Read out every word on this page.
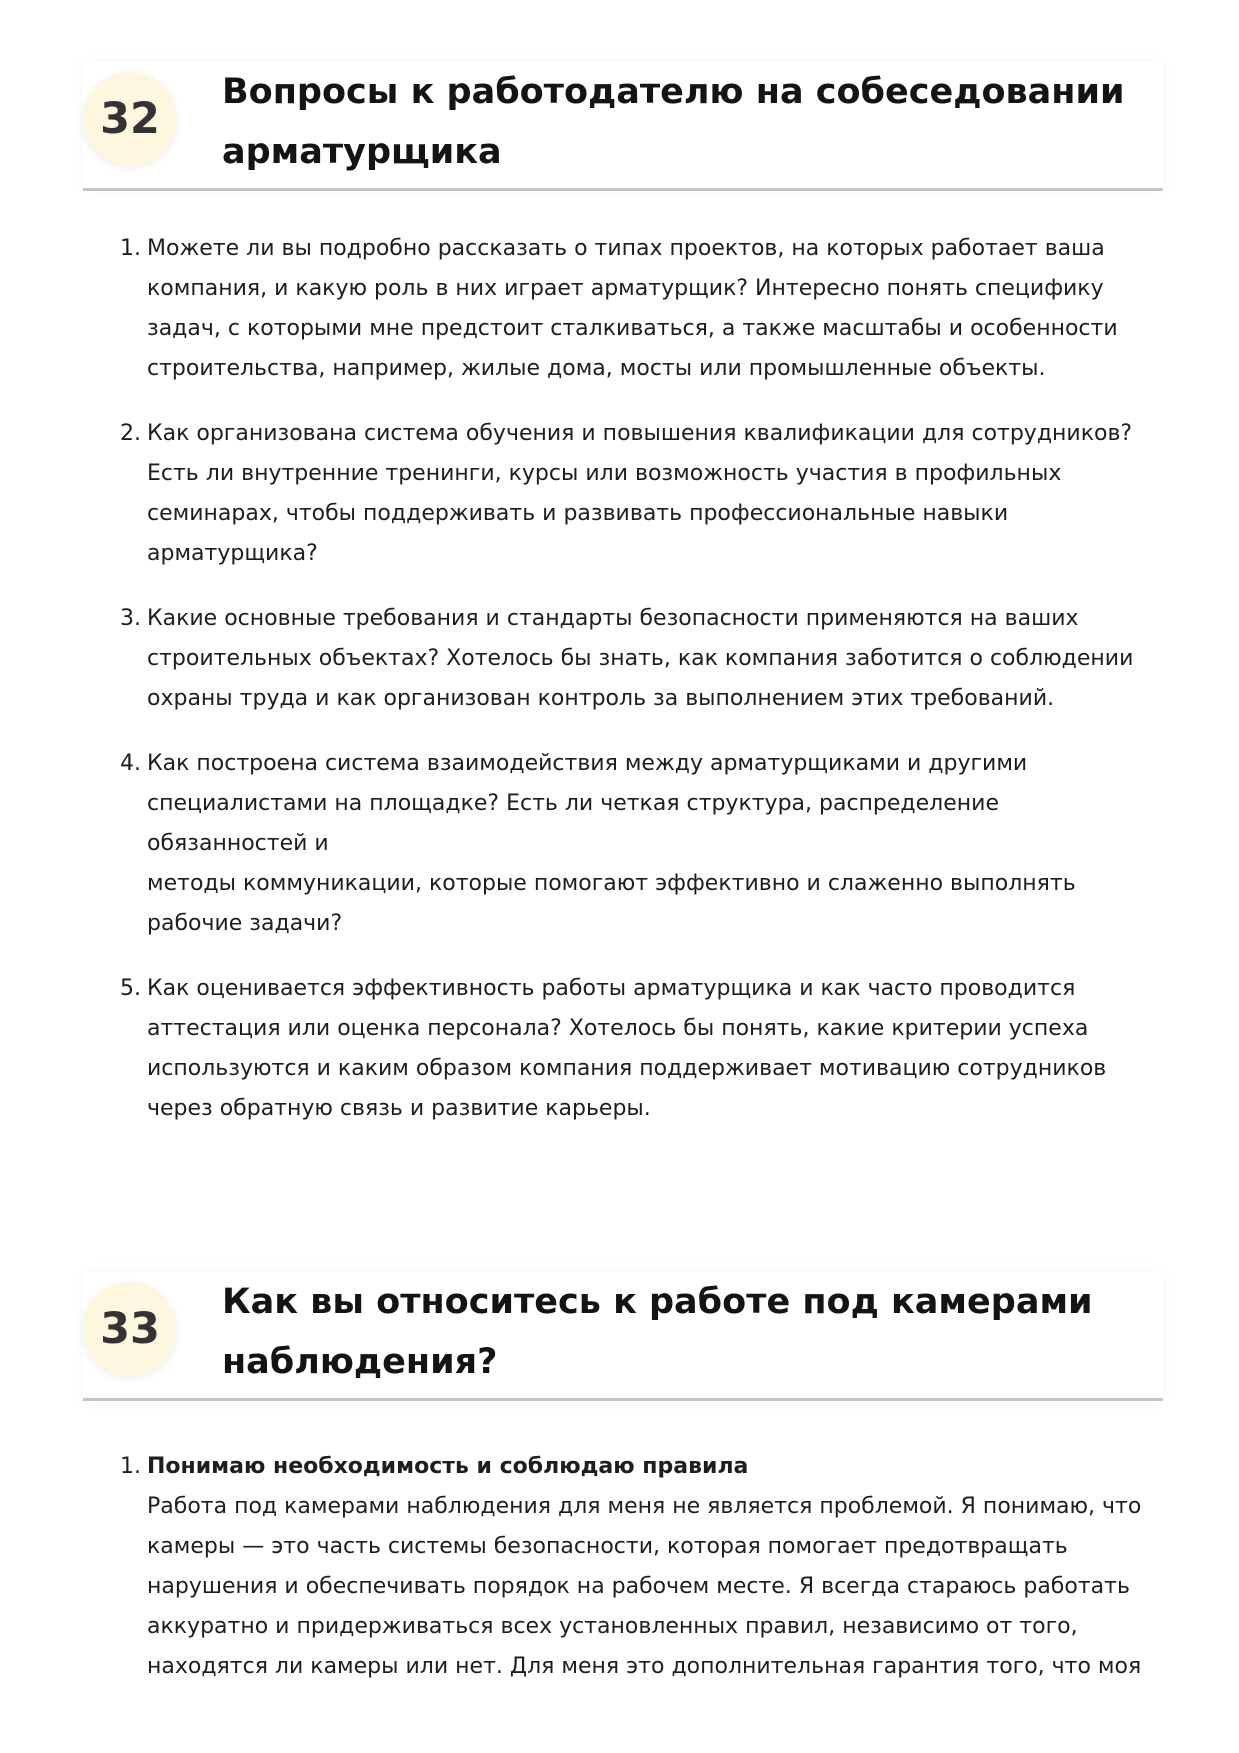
32
Вопросы к работодателю на собеседовании
арматурщика
1. Можете ли вы подробно рассказать о типах проектов, на которых работает ваша
компания, и какую роль в них играет арматурщик? Интересно понять специфику
задач, с которыми мне предстоит сталкиваться, а также масштабы и особенности
строительства, например, жилые дома, мосты или промышленные объекты.
2. Как организована система обучения и повышения квалификации для сотрудников?
Есть ли внутренние тренинги, курсы или возможность участия в профильных
семинарах, чтобы поддерживать и развивать профессиональные навыки
арматурщика?
3. Какие основные требования и стандарты безопасности применяются на ваших
строительных объектах? Хотелось бы знать, как компания заботится о соблюдении
охраны труда и как организован контроль за выполнением этих требований.
4. Как построена система взаимодействия между арматурщиками и другими
специалистами на площадке? Есть ли четкая структура, распределение обязанностей и
методы коммуникации, которые помогают эффективно и слаженно выполнять
рабочие задачи?
5. Как оценивается эффективность работы арматурщика и как часто проводится
аттестация или оценка персонала? Хотелось бы понять, какие критерии успеха
используются и каким образом компания поддерживает мотивацию сотрудников
через обратную связь и развитие карьеры.
33
Как вы относитесь к работе под камерами
наблюдения?
1. Понимаю необходимость и соблюдаю правила
Работа под камерами наблюдения для меня не является проблемой. Я понимаю, что
камеры — это часть системы безопасности, которая помогает предотвращать
нарушения и обеспечивать порядок на рабочем месте. Я всегда стараюсь работать
аккуратно и придерживаться всех установленных правил, независимо от того,
находятся ли камеры или нет. Для меня это дополнительная гарантия того, что моя
